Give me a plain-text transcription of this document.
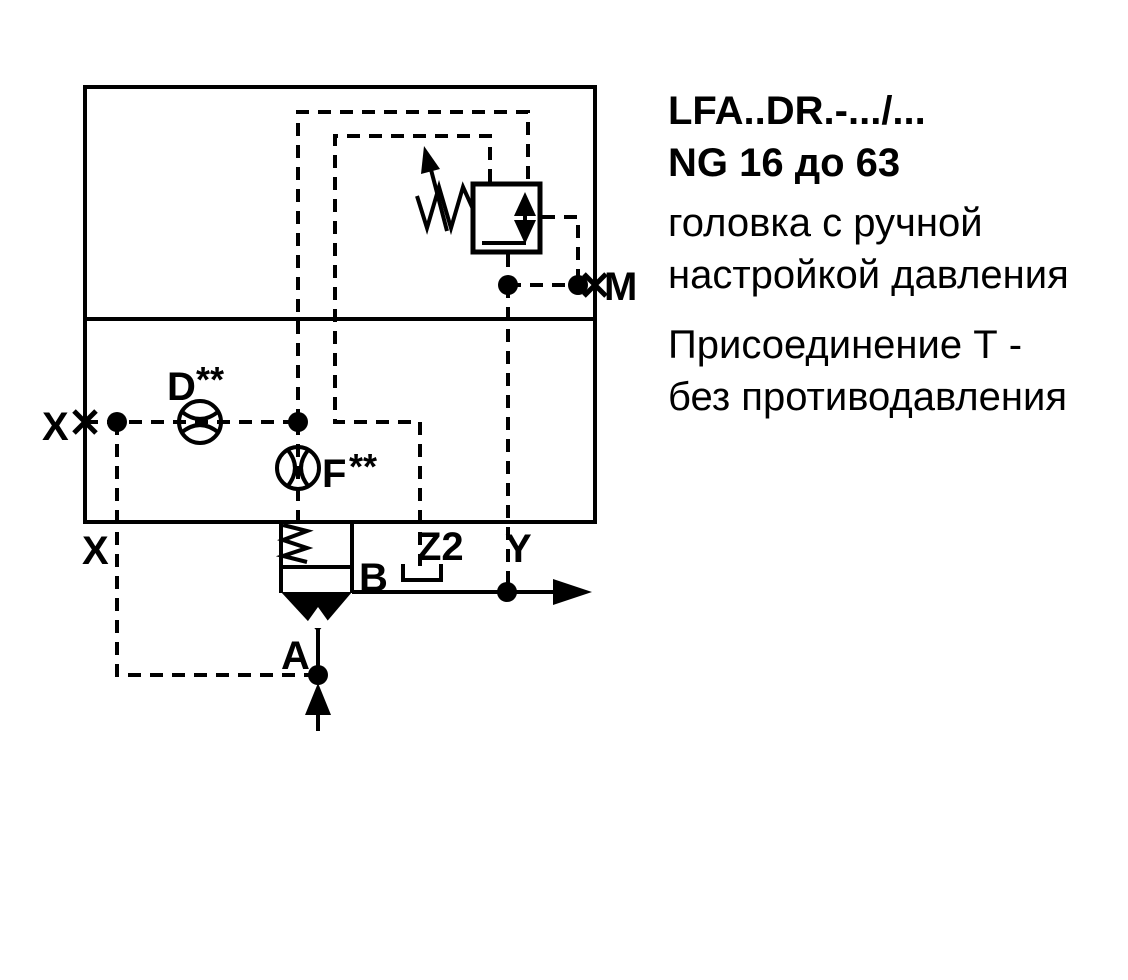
X
X
M
Z2 Y
B
A
D **
F **
LFA..DR.-.../...
NG 16 до 63
головка с ручной
настройкой давления
Присоединение Т -
без противодавления
